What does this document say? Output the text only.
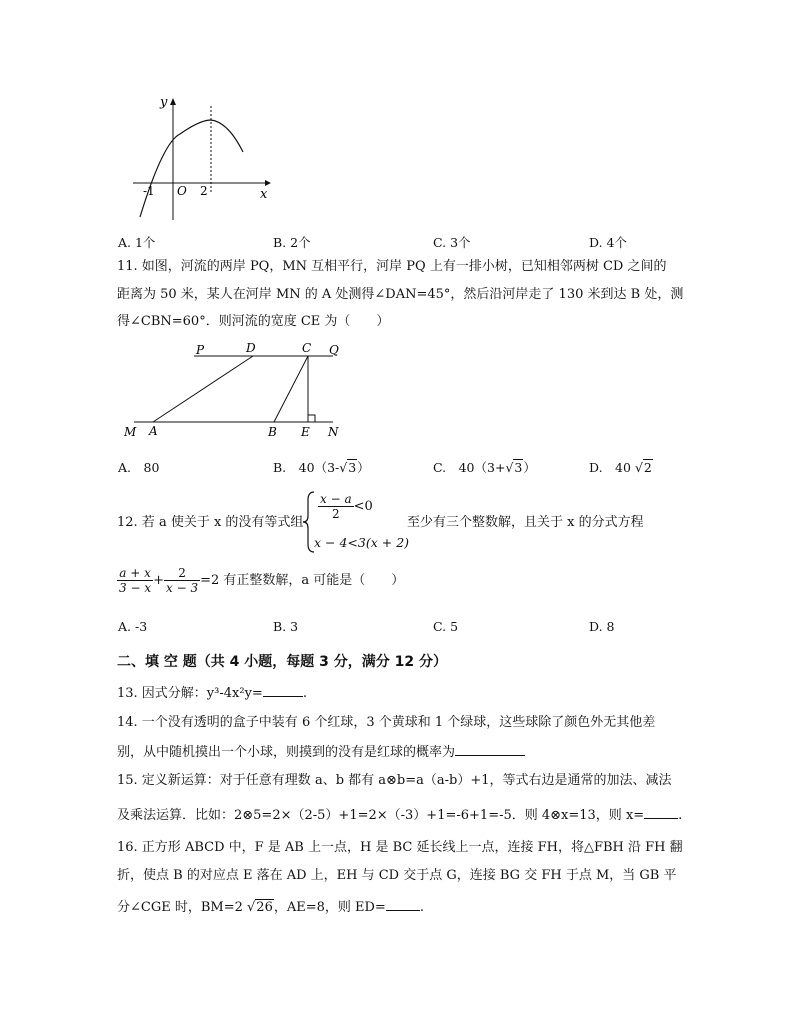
y
x
-1 O 2
A. 1个	B. 2个	C. 3个	D. 4个
11. 如图，河流的两岸 PQ，MN 互相平行，河岸 PQ 上有一排小树，已知相邻两树 CD 之间的
距离为 50 米，某人在河岸 MN 的 A 处测得∠DAN=45°，然后沿河岸走了 130 米到达 B 处，测
得∠CBN=60°．则河流的宽度 CE 为（　　）
P	D	C Q
M A	B E N
A.　80	B.　40（3-√3）	C.　40（3+√3）	D.　40 √2
12. 若 a 使关于 x 的没有等式组
$\frac{x - a}{2} <0$
x − 4<3(x + 2)
至少有三个整数解，且关于 x 的分式方程
$\frac{a + x}{3 - x} + \frac{2}{x - 3} =2$ 有正整数解，a 可能是（　　）
A. -3	B. 3	C. 5	D. 8
二、填 空 题（共 4 小题，每题 3 分，满分 12 分）
13. 因式分解：y³-4x²y=	.
14. 一个没有透明的盒子中装有 6 个红球，3 个黄球和 1 个绿球，这些球除了颜色外无其他差
别，从中随机摸出一个小球，则摸到的没有是红球的概率为
15. 定义新运算：对于任意有理数 a、b 都有 a⊗b=a（a-b）+1，等式右边是通常的加法、减法
及乘法运算．比如：2⊗5=2×（2-5）+1=2×（-3）+1=-6+1=-5．则 4⊗x=13，则 x=	.
16. 正方形 ABCD 中，F 是 AB 上一点，H 是 BC 延长线上一点，连接 FH，将△FBH 沿 FH 翻
折，使点 B 的对应点 E 落在 AD 上，EH 与 CD 交于点 G，连接 BG 交 FH 于点 M，当 GB 平
分∠CGE 时，BM=2 √26，AE=8，则 ED=	.
